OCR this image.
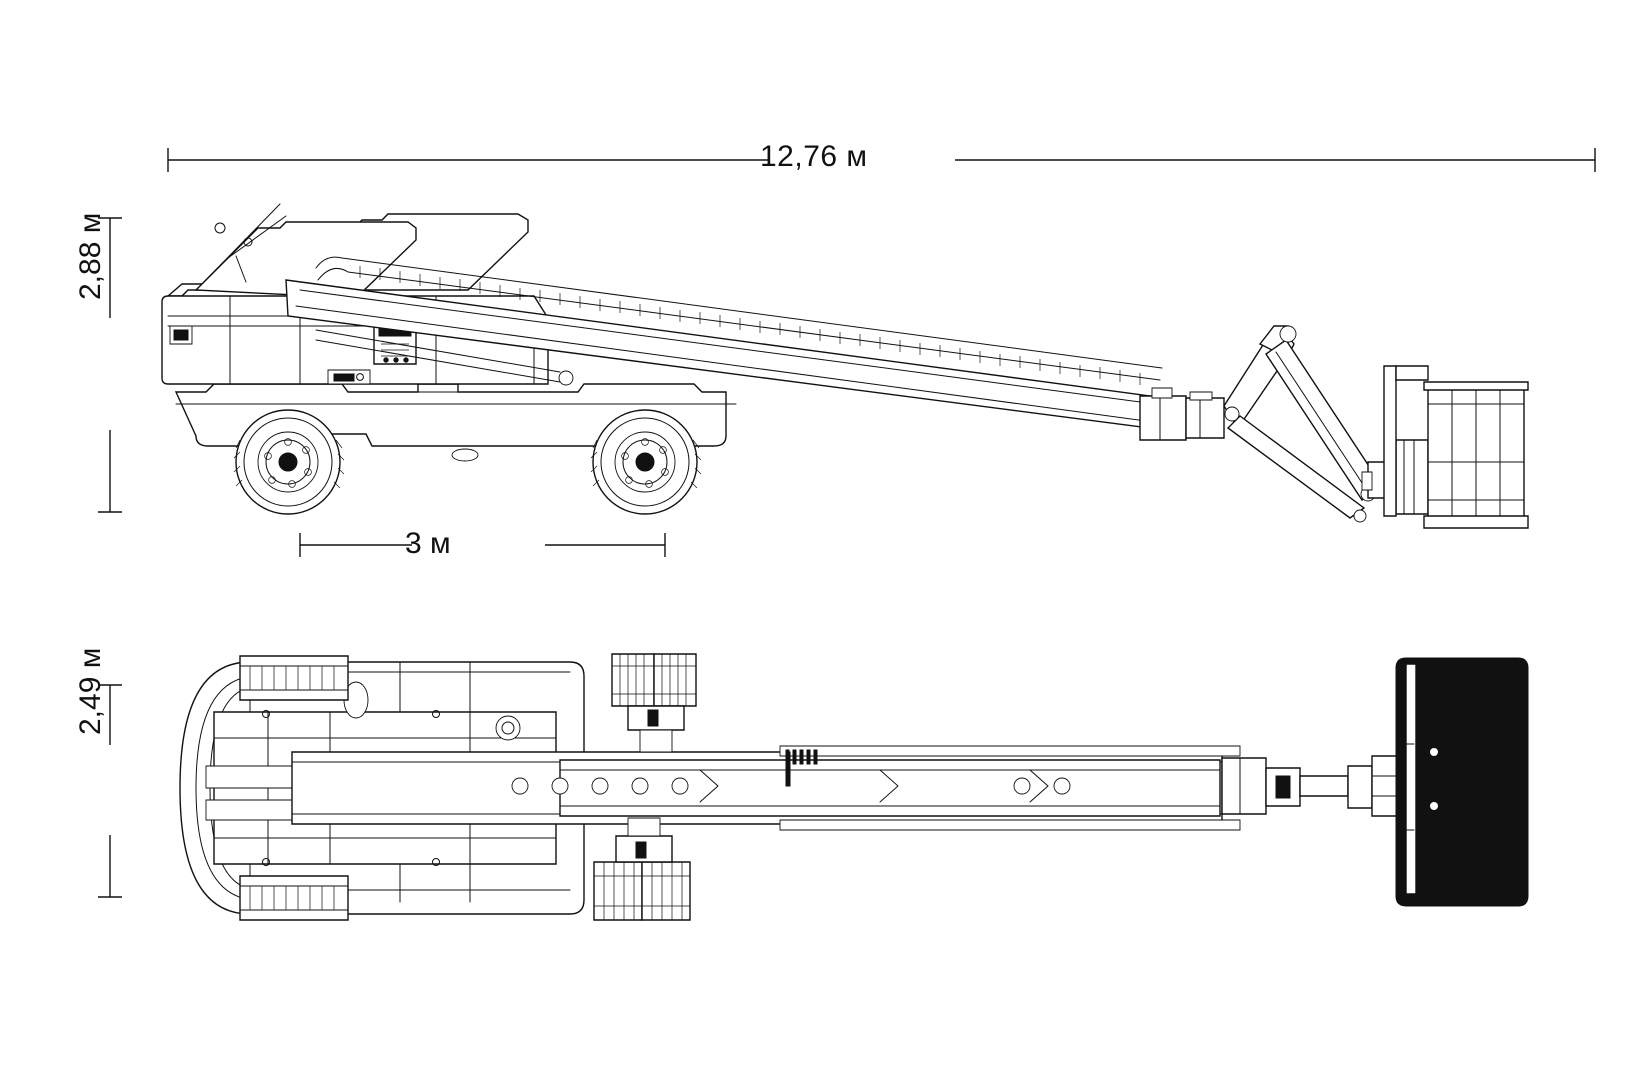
12,76 м
2,88 м
3 м
2,49 м
